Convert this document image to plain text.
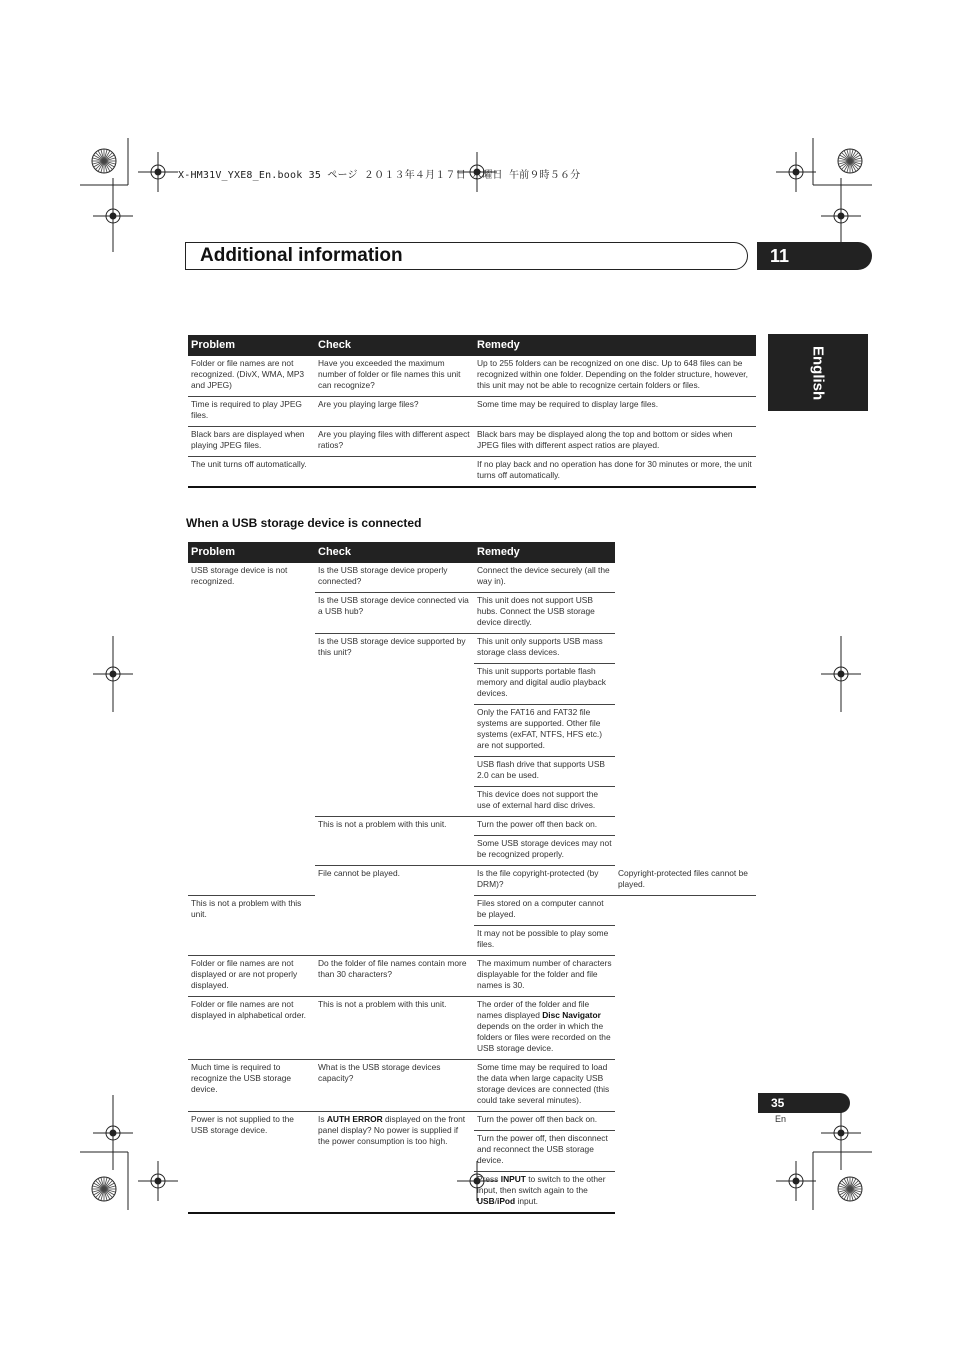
X-HM31V_YXE8_En.book 35 ページ ２０１３年４月１７日 水曜日 午前９時５６分
Additional information	11
English
Problem	Check	Remedy
Folder or file names are not recognized. (DivX, WMA, MP3 and JPEG)	Have you exceeded the maximum number of folder or file names this unit can recognize?	Up to 255 folders can be recognized on one disc. Up to 648 files can be recognized within one folder. Depending on the folder structure, however, this unit may not be able to recognize certain folders or files.
Time is required to play JPEG files.	Are you playing large files?	Some time may be required to display large files.
Black bars are displayed when playing JPEG files.	Are you playing files with different aspect ratios?	Black bars may be displayed along the top and bottom or sides when JPEG files with different aspect ratios are played.
The unit turns off automatically.		If no play back and no operation has done for 30 minutes or more, the unit turns off automatically.
When a USB storage device is connected
Problem	Check	Remedy	
USB storage device is not recognized.	Is the USB storage device properly connected?	Connect the device securely (all the way in).	
	Is the USB storage device connected via a USB hub?	This unit does not support USB hubs. Connect the USB storage device directly.	
	Is the USB storage device supported by this unit?	This unit only supports USB mass storage class devices.	
		This unit supports portable flash memory and digital audio playback devices.	
		Only the FAT16 and FAT32 file systems are supported. Other file systems (exFAT, NTFS, HFS etc.) are not supported.	
		USB flash drive that supports USB 2.0 can be used.	
		This device does not support the use of external hard disc drives.	
	This is not a problem with this unit.	Turn the power off then back on.	
		Some USB storage devices may not be recognized properly.	
	File cannot be played.	Is the file copyright-protected (by DRM)?	Copyright-protected files cannot be played.
This is not a problem with this unit.		Files stored on a computer cannot be played.	
		It may not be possible to play some files.	
Folder or file names are not displayed or are not properly displayed.	Do the folder of file names contain more than 30 characters?	The maximum number of characters displayable for the folder and file names is 30.	
Folder or file names are not displayed in alphabetical order.	This is not a problem with this unit.	The order of the folder and file names displayed Disc Navigator depends on the order in which the folders or files were recorded on the USB storage device.	
Much time is required to recognize the USB storage device.	What is the USB storage devices capacity?	Some time may be required to load the data when large capacity USB storage devices are connected (this could take several minutes).	
Power is not supplied to the USB storage device.	Is AUTH ERROR displayed on the front panel display? No power is supplied if the power consumption is too high.	Turn the power off then back on.	
		Turn the power off, then disconnect and reconnect the USB storage device.	
		Press INPUT to switch to the other input, then switch again to the USB/iPod input.	
35
En
